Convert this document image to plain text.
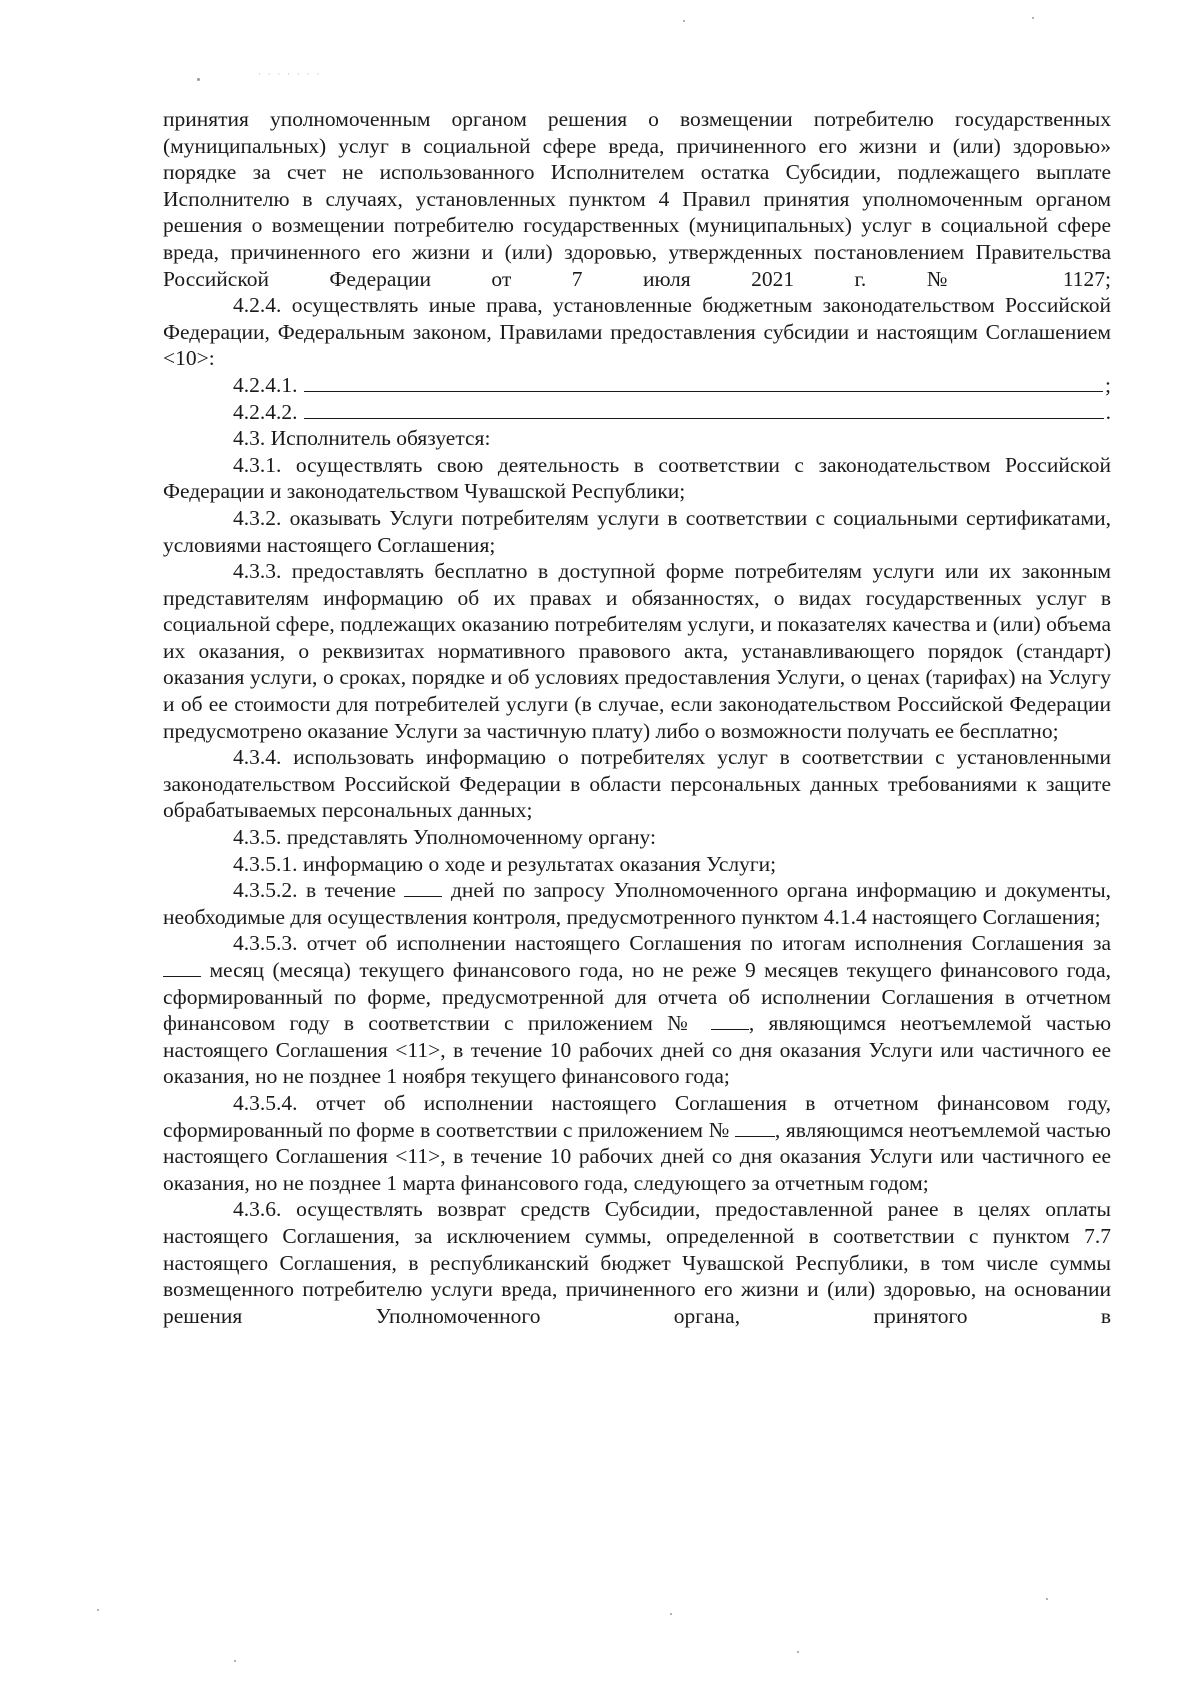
· · · · · · ·

принятия уполномоченным органом решения о возмещении потребителю государственных (муниципальных) услуг в социальной сфере вреда, причиненного его жизни и (или) здоровью» порядке за счет не использованного Исполнителем остатка Субсидии, подлежащего выплате Исполнителю в случаях, установленных пунктом 4 Правил принятия уполномоченным органом решения о возмещении потребителю государственных (муниципальных) услуг в социальной сфере вреда, причиненного его жизни и (или) здоровью, утвержденных постановлением Правительства Российской Федерации от 7 июля 2021 г. № 1127;

4.2.4. осуществлять иные права, установленные бюджетным законодательством Российской Федерации, Федеральным законом, Правилами предоставления субсидии и настоящим Соглашением <10>:

4.2.4.1.	;
4.2.4.2.	.

4.3. Исполнитель обязуется:

4.3.1. осуществлять свою деятельность в соответствии с законодательством Российской Федерации и законодательством Чувашской Республики;

4.3.2. оказывать Услуги потребителям услуги в соответствии с социальными сертификатами, условиями настоящего Соглашения;

4.3.3. предоставлять бесплатно в доступной форме потребителям услуги или их законным представителям информацию об их правах и обязанностях, о видах государственных услуг в социальной сфере, подлежащих оказанию потребителям услуги, и показателях качества и (или) объема их оказания, о реквизитах нормативного правового акта, устанавливающего порядок (стандарт) оказания услуги, о сроках, порядке и об условиях предоставления Услуги, о ценах (тарифах) на Услугу и об ее стоимости для потребителей услуги (в случае, если законодательством Российской Федерации предусмотрено оказание Услуги за частичную плату) либо о возможности получать ее бесплатно;

4.3.4. использовать информацию о потребителях услуг в соответствии с установленными законодательством Российской Федерации в области персональных данных требованиями к защите обрабатываемых персональных данных;

4.3.5. представлять Уполномоченному органу:

4.3.5.1. информацию о ходе и результатах оказания Услуги;

4.3.5.2. в течение	дней по запросу Уполномоченного органа информацию и документы, необходимые для осуществления контроля, предусмотренного пунктом 4.1.4 настоящего Соглашения;

4.3.5.3. отчет об исполнении настоящего Соглашения по итогам исполнения Соглашения за  месяц (месяца) текущего финансового года, но не реже 9 месяцев текущего финансового года, сформированный по форме, предусмотренной для отчета об исполнении Соглашения в отчетном финансовом году в соответствии с приложением № , являющимся неотъемлемой частью настоящего Соглашения <11>, в течение 10 рабочих дней со дня оказания Услуги или частичного ее оказания, но не позднее 1 ноября текущего финансового года;

4.3.5.4. отчет об исполнении настоящего Соглашения в отчетном финансовом году, сформированный по форме в соответствии с приложением № , являющимся неотъемлемой частью настоящего Соглашения <11>, в течение 10 рабочих дней со дня оказания Услуги или частичного ее оказания, но не позднее 1 марта финансового года, следующего за отчетным годом;

4.3.6. осуществлять возврат средств Субсидии, предоставленной ранее в целях оплаты настоящего Соглашения, за исключением суммы, определенной в соответствии с пунктом 7.7 настоящего Соглашения, в республиканский бюджет Чувашской Республики, в том числе суммы возмещенного потребителю услуги вреда, причиненного его жизни и (или) здоровью, на основании решения Уполномоченного органа, принятого в
